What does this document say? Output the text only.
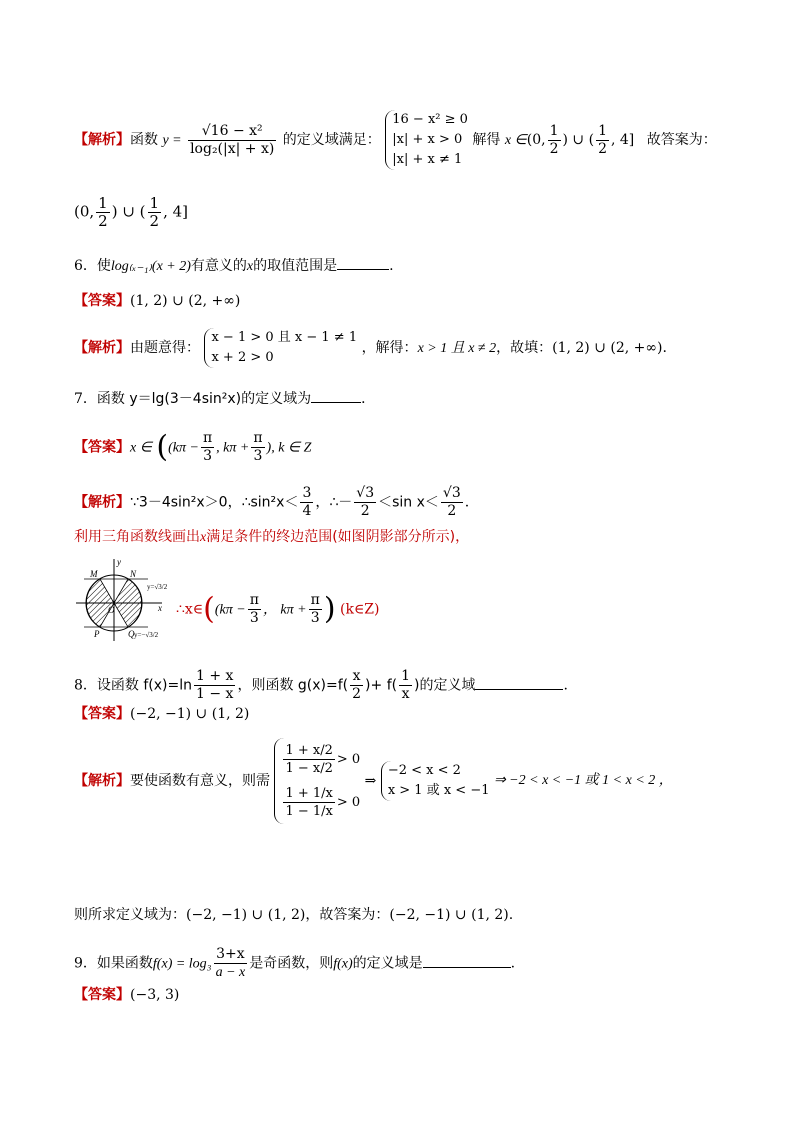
【解析】函数 $y = \frac{\text{√16 − x²}}{\text{log₂(|x| + x)}}$ 的定义域满足：
16 − x² ≥ 0
|x| + x > 0
|x| + x ≠ 1
解得 x ∈(0, $\frac{1}{2}$ ) ∪ ( $\frac{1}{2}$ , 4] 故答案为：
(0, $\frac{1}{2}$ ) ∪ ( $\frac{1}{2}$ , 4]
6．使log₍ₓ₋₁₎(x + 2)有意义的x的取值范围是	.
【答案】(1, 2) ∪ (2, +∞)
【解析】由题意得：
x − 1 > 0 且 x − 1 ≠ 1
x + 2 > 0
，解得：x > 1 且 x ≠ 2，故填：(1, 2) ∪ (2, +∞).
7．函数 y＝lg(3－4sin²x)的定义域为	．
【答案】x ∈ (($k\pi - \frac{\pi}{3}$ , $k\pi + \frac{\pi}{3}$ ), k ∈ Z
【解析】∵3－4sin²x＞0，∴sin²x＜ $\frac{3}{4}$ ，∴－ $\frac{√3}{2} <\sin$ $x< \frac{√3}{2}$ .
利用三角函数线画出x满足条件的终边范围(如图阴影部分所示)，
y
x
O
M	N
P	Q
y=√3/2
y=−√3/2
∴x∈((kπ − $\frac{\pi}{3}$ ， $k\pi + \frac{\pi}{3}$ ) (k∈Z)
8．设函数 $f(x)=\ln \frac{1 + x}{1 - x}$ ，则函数 $g(x)=f( \frac{x}{2}$ )+ $f( \frac{1}{x}$ )的定义域	.
【答案】(−2, −1) ∪ (1, 2)
【解析】要使函数有意义，则需
$\frac{1 + x/2}{1 - x/2} > 0$
$\frac{1 + 1/x}{1 - 1/x} > 0$
⇒
−2 < x < 2
x > 1 或 x < −1
⇒ −2 < x < −1 或 1 < x < 2 ，
则所求定义域为：(−2, −1) ∪ (1, 2)，故答案为：(−2, −1) ∪ (1, 2).
9．如果函数$f(x) = \log_3 \frac{3+x}{a - x}$ 是奇函数，则f(x)的定义域是	.
【答案】(−3, 3)
